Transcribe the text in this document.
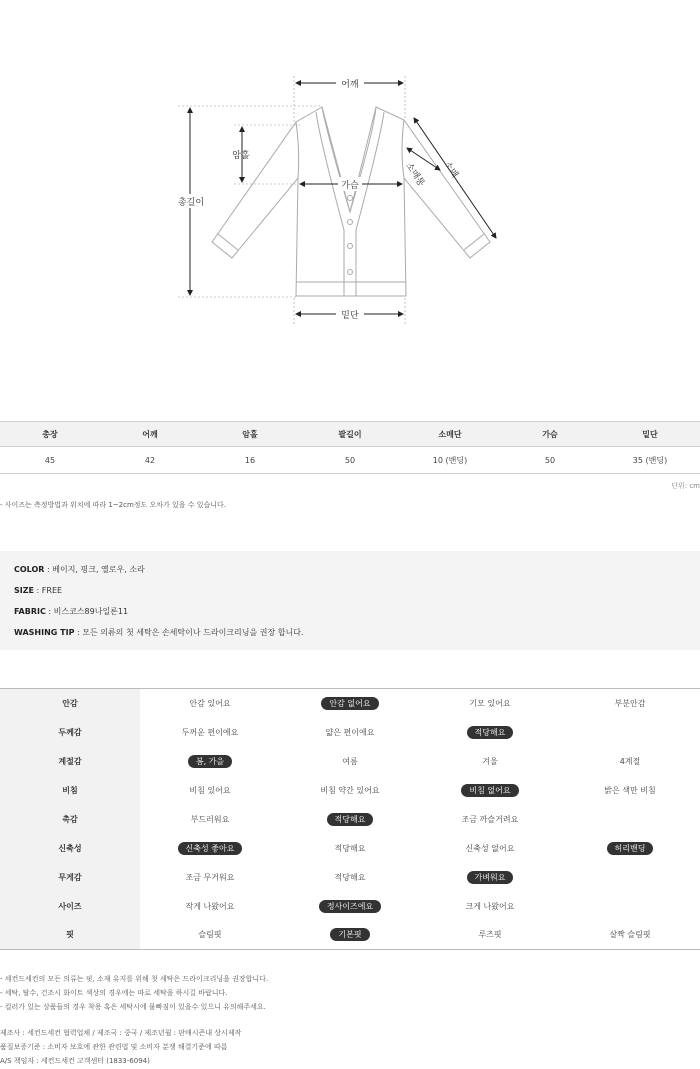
어깨
총길이
암홀
가슴
소매
소매통
밑단
총장	어깨	암홀	팔길이	소매단	가슴	밑단
45	42	16	50	10 (밴딩)	50	35 (밴딩)
단위: cm
- 사이즈는 측정방법과 위치에 따라 1~2cm정도 오차가 있을 수 있습니다.
COLOR : 베이지, 핑크, 옐로우, 소라
SIZE : FREE
FABRIC : 비스코스89나일론11
WASHING TIP : 모든 의류의 첫 세탁은 손세탁이나 드라이크리닝을 권장 합니다.
안감	안감 있어요	안감 없어요	기모 있어요	부분안감
두께감	두꺼운 편이에요	얇은 편이에요	적당해요	
계절감	봄, 가을	여름	겨울	4계절
비침	비침 있어요	비침 약간 있어요	비침 없어요	밝은 색만 비침
촉감	부드러워요	적당해요	조금 까슬거려요	
신축성	신축성 좋아요	적당해요	신축성 없어요	허리밴딩
무게감	조금 무거워요	적당해요	가벼워요	
사이즈	작게 나왔어요	정사이즈에요	크게 나왔어요	
핏	슬림핏	기본핏	루즈핏	살짝 슬림핏
- 세컨드세컨의 모든 의류는 핏, 소재 유지를 위해 첫 세탁은 드라이크리닝을 권장합니다.
- 세탁, 탈수, 건조시 화이트 색상의 경우에는 따로 세탁을 하시길 바랍니다.
- 컬러가 있는 상품들의 경우 착용 혹은 세탁시에 물빠짐이 있을수 있으니 유의해주세요.
제조사 : 세컨드세컨 협력업체 / 제조국 : 중국 / 제조년월 : 판매시즌내 상시제작
품질보증기준 : 소비자 보호에 관한 관련법 및 소비자 분쟁 해결기준에 따름
A/S 책임자 : 세컨드세컨 고객센터 (1833-6094)
